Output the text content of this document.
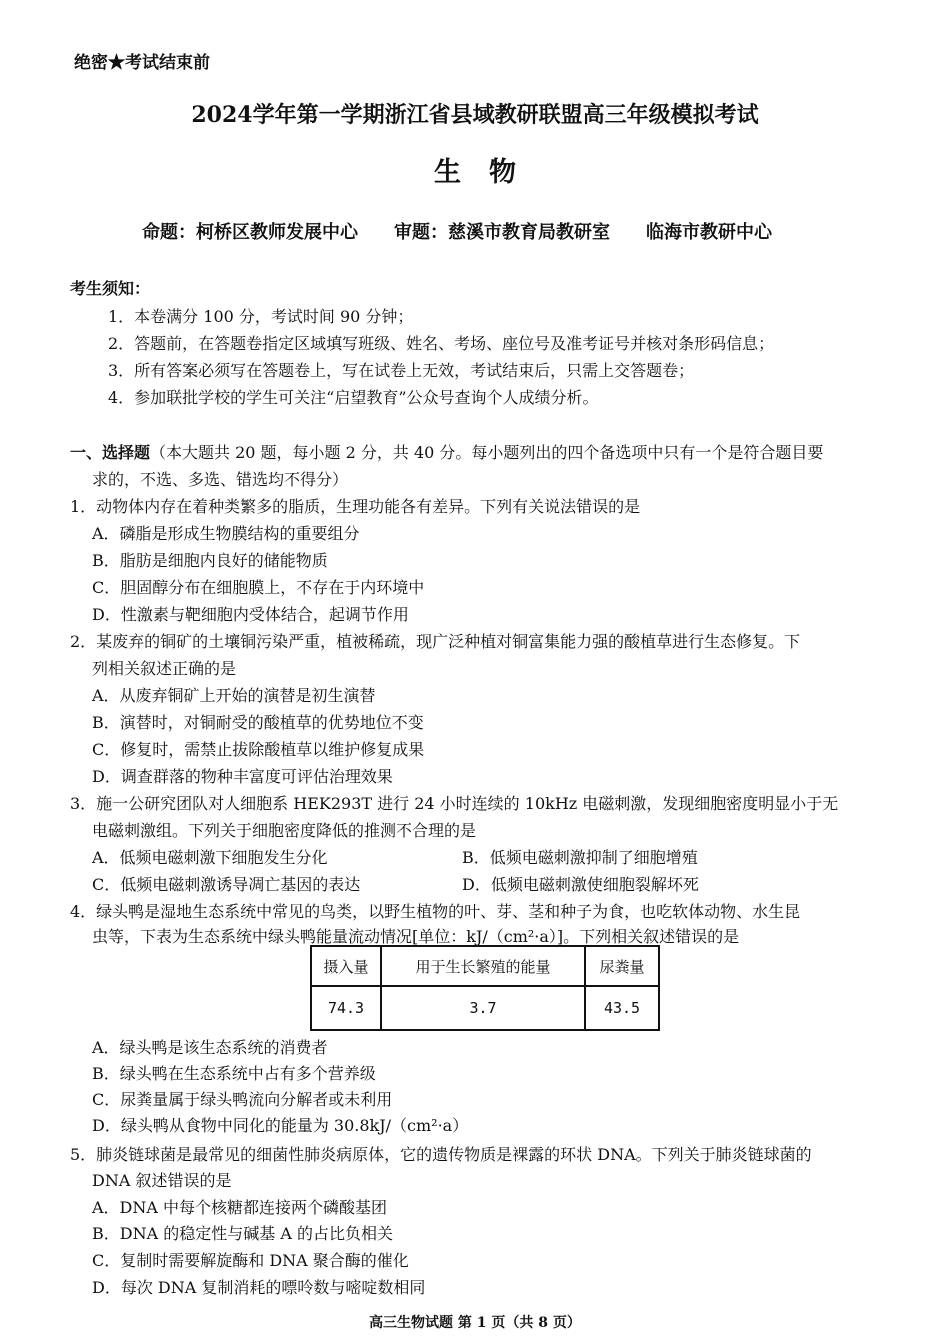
绝密★考试结束前
2024学年第一学期浙江省县域教研联盟高三年级模拟考试
生物
命题：柯桥区教师发展中心 审题：慈溪市教育局教研室 临海市教研中心
考生须知：
1．本卷满分 100 分，考试时间 90 分钟；
2．答题前，在答题卷指定区域填写班级、姓名、考场、座位号及准考证号并核对条形码信息；
3．所有答案必须写在答题卷上，写在试卷上无效，考试结束后，只需上交答题卷；
4．参加联批学校的学生可关注“启望教育”公众号查询个人成绩分析。
一、选择题（本大题共 20 题，每小题 2 分，共 40 分。每小题列出的四个备选项中只有一个是符合题目要
求的，不选、多选、错选均不得分）
1．动物体内存在着种类繁多的脂质，生理功能各有差异。下列有关说法错误的是
A．磷脂是形成生物膜结构的重要组分
B．脂肪是细胞内良好的储能物质
C．胆固醇分布在细胞膜上，不存在于内环境中
D．性激素与靶细胞内受体结合，起调节作用
2．某废弃的铜矿的土壤铜污染严重，植被稀疏，现广泛种植对铜富集能力强的酸植草进行生态修复。下
列相关叙述正确的是
A．从废弃铜矿上开始的演替是初生演替
B．演替时，对铜耐受的酸植草的优势地位不变
C．修复时，需禁止拔除酸植草以维护修复成果
D．调查群落的物种丰富度可评估治理效果
3．施一公研究团队对人细胞系 HEK293T 进行 24 小时连续的 10kHz 电磁刺激，发现细胞密度明显小于无
电磁刺激组。下列关于细胞密度降低的推测不合理的是
A．低频电磁刺激下细胞发生分化	B．低频电磁刺激抑制了细胞增殖
C．低频电磁刺激诱导凋亡基因的表达	D．低频电磁刺激使细胞裂解坏死
4．绿头鸭是湿地生态系统中常见的鸟类，以野生植物的叶、芽、茎和种子为食，也吃软体动物、水生昆
虫等，下表为生态系统中绿头鸭能量流动情况[单位：kJ/（cm²·a）]。下列相关叙述错误的是
摄入量	用于生长繁殖的能量	尿粪量
74.3	3.7	43.5
A．绿头鸭是该生态系统的消费者
B．绿头鸭在生态系统中占有多个营养级
C．尿粪量属于绿头鸭流向分解者或未利用
D．绿头鸭从食物中同化的能量为 30.8kJ/（cm²·a）
5．肺炎链球菌是最常见的细菌性肺炎病原体，它的遗传物质是裸露的环状 DNA。下列关于肺炎链球菌的
DNA 叙述错误的是
A．DNA 中每个核糖都连接两个磷酸基团
B．DNA 的稳定性与碱基 A 的占比负相关
C．复制时需要解旋酶和 DNA 聚合酶的催化
D．每次 DNA 复制消耗的嘌呤数与嘧啶数相同
高三生物试题 第 1 页（共 8 页）
